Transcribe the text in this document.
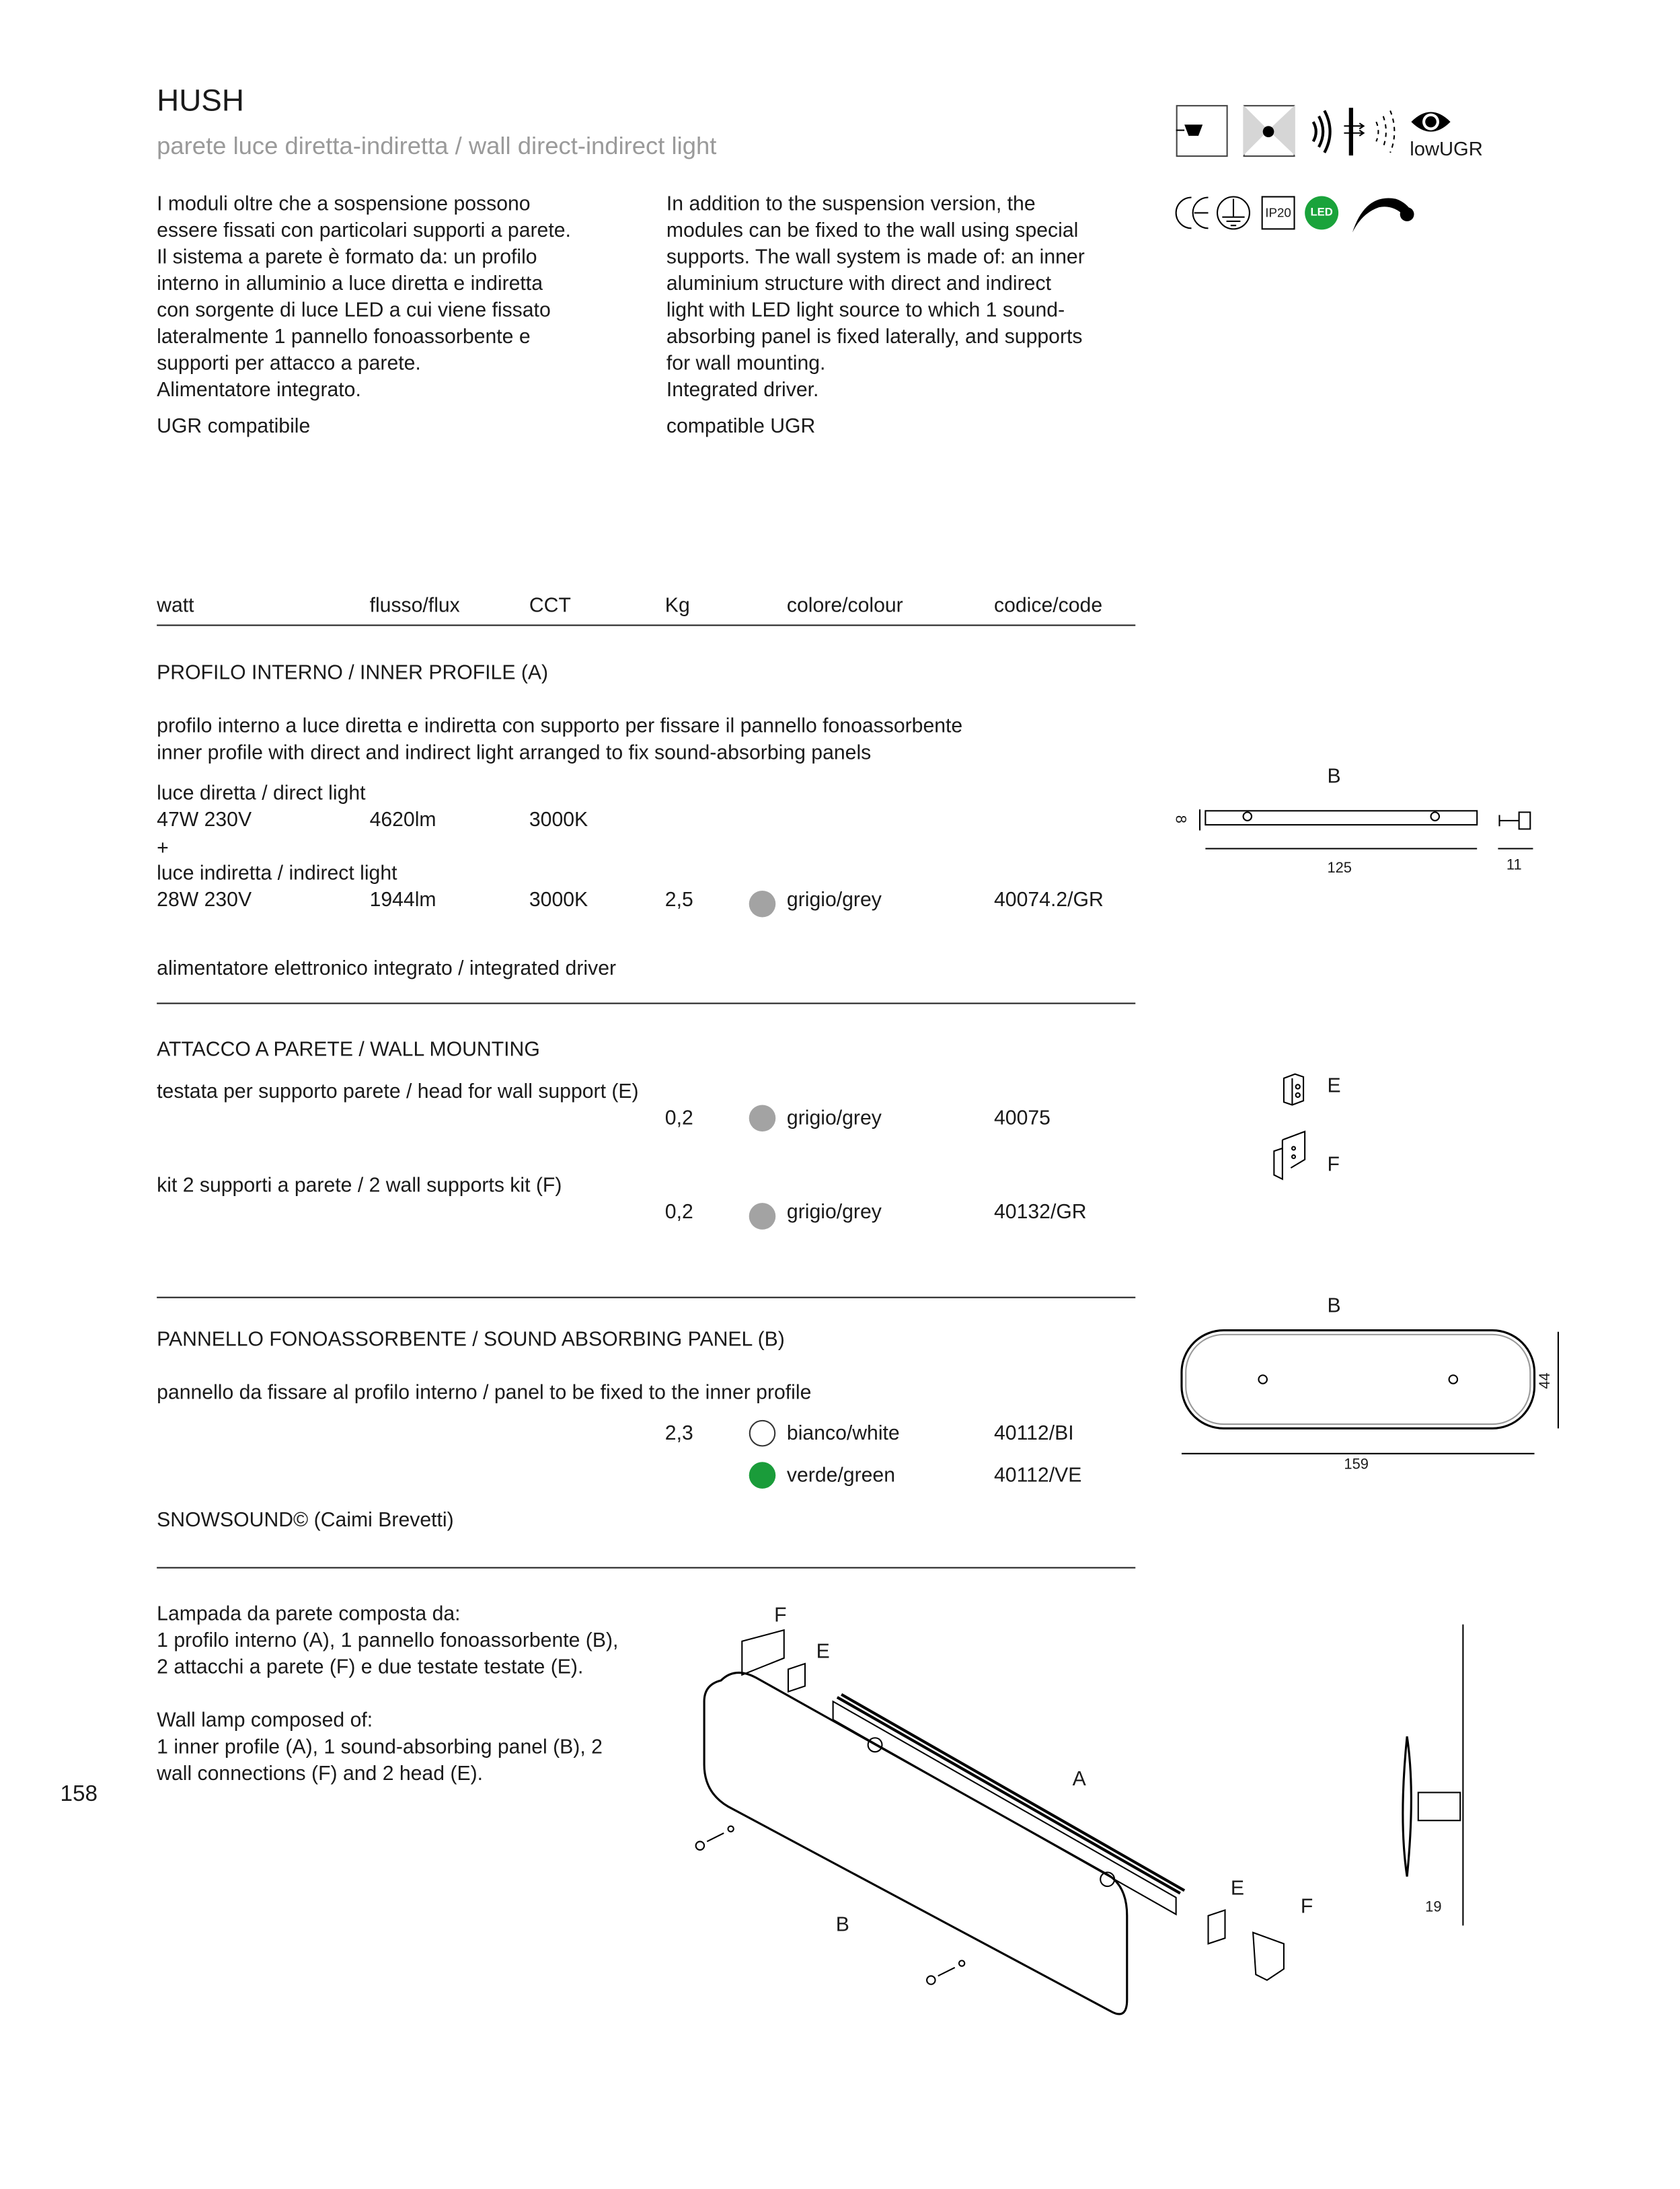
HUSH
parete luce diretta-indiretta / wall direct-indirect light	lowUGR
IP20	LED
I moduli oltre che a sospensione possono
essere fissati con particolari supporti a parete.
Il sistema a parete è formato da: un profilo
interno in alluminio a luce diretta e indiretta
con sorgente di luce LED a cui viene fissato
lateralmente 1 pannello fonoassorbente e
supporti per attacco a parete.
Alimentatore integrato.
UGR compatibile
In addition to the suspension version, the
modules can be fixed to the wall using special
supports. The wall system is made of: an inner
aluminium structure with direct and indirect
light with LED light source to which 1 sound-
absorbing panel is fixed laterally, and supports
for wall mounting.
Integrated driver.
compatible UGR
watt	flusso/flux	CCT	Kg	colore/colour	codice/code
PROFILO INTERNO / INNER PROFILE (A)
profilo interno a luce diretta e indiretta con supporto per fissare il pannello fonoassorbente
inner profile with direct and indirect light arranged to fix sound-absorbing panels
luce diretta / direct light
47W 230V	4620lm	3000K
+
luce indiretta / indirect light
28W 230V	1944lm	3000K	2,5	grigio/grey	40074.2/GR
alimentatore elettronico integrato / integrated driver
ATTACCO A PARETE / WALL MOUNTING
testata per supporto parete / head for wall support (E)
0,2	grigio/grey	40075
kit 2 supporti a parete / 2 wall supports kit (F)
0,2	grigio/grey	40132/GR
PANNELLO FONOASSORBENTE / SOUND ABSORBING PANEL (B)
pannello da fissare al profilo interno / panel to be fixed to the inner profile
2,3	bianco/white	40112/BI
verde/green	40112/VE
SNOWSOUND© (Caimi Brevetti)
Lampada da parete composta da:
1 profilo interno (A), 1 pannello fonoassorbente (B),
2 attacchi a parete (F) e due testate testate (E).
Wall lamp composed of:
1 inner profile (A), 1 sound-absorbing panel (B), 2
wall connections (F) and 2 head (E).
158
B
8
125	11
E
F
B
44
159
F
E
A
B
E
F	19
